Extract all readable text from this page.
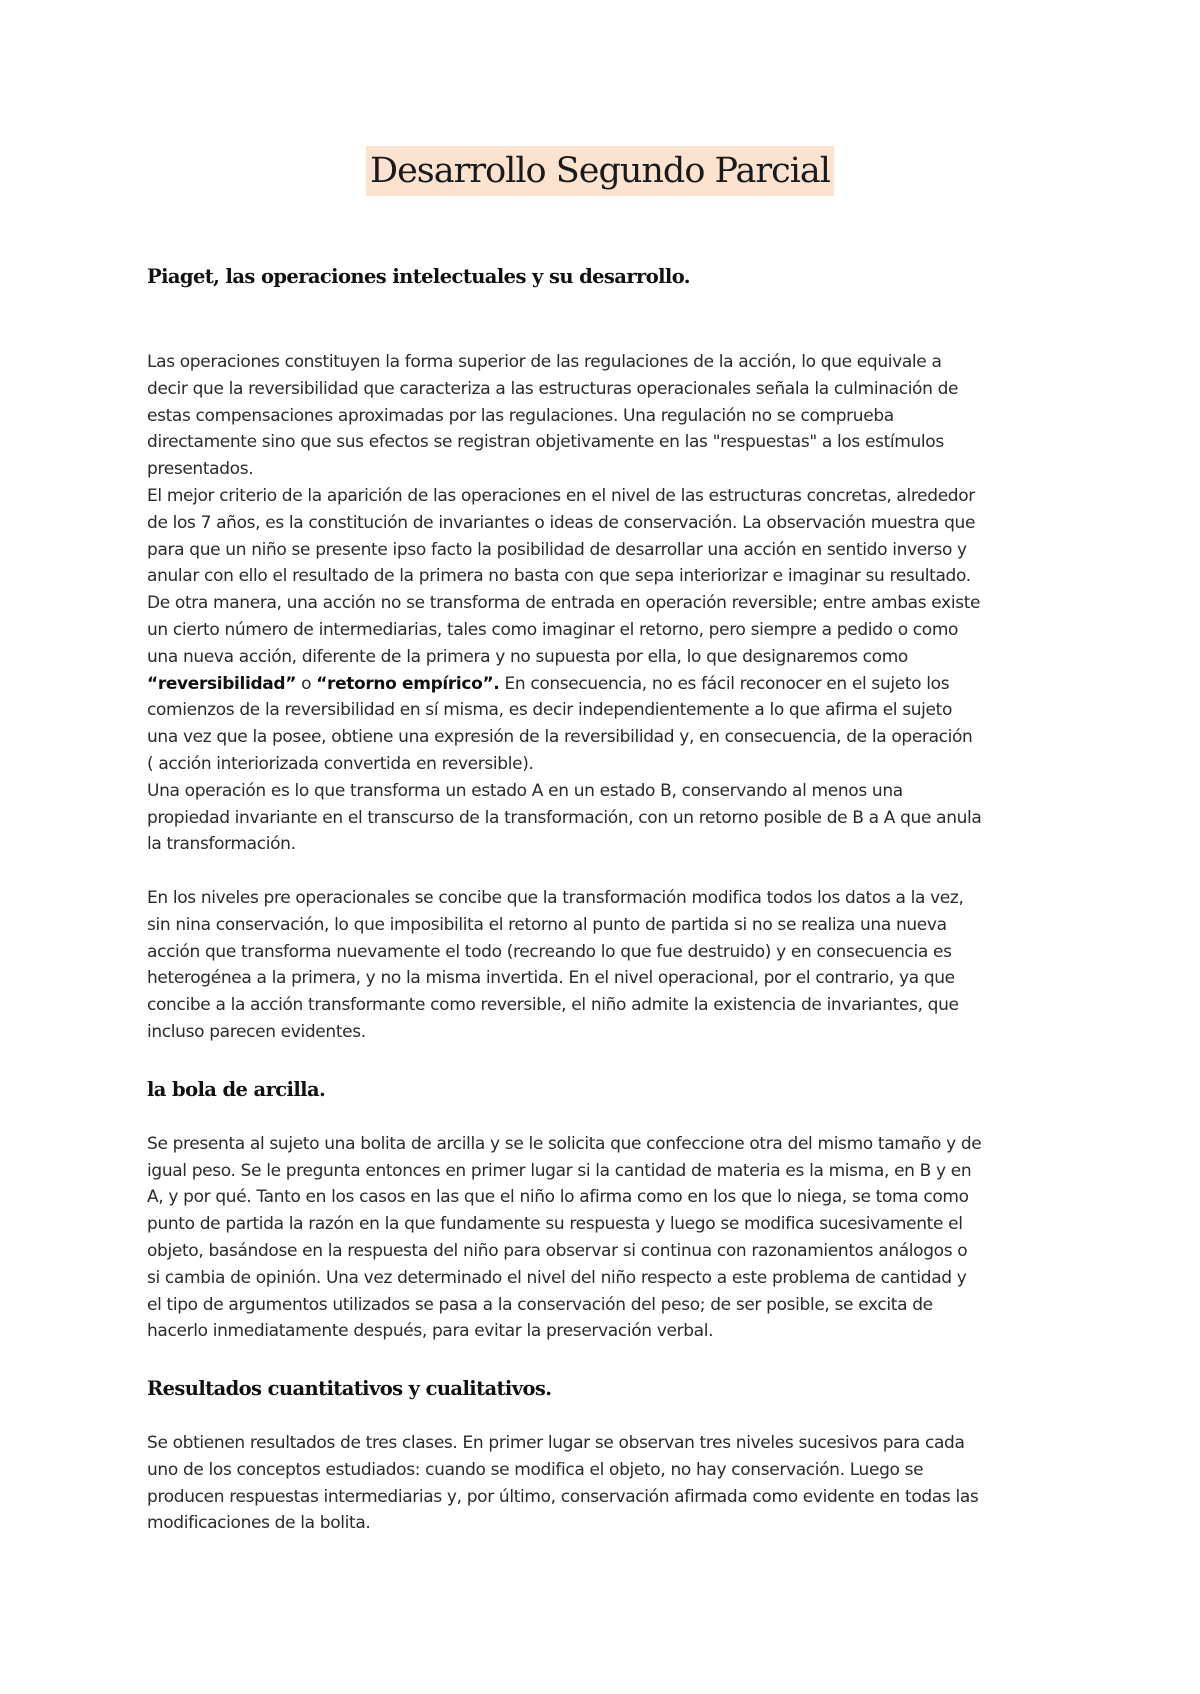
Desarrollo Segundo Parcial
Piaget, las operaciones intelectuales y su desarrollo.
Las operaciones constituyen la forma superior de las regulaciones de la acción, lo que equivale a
decir que la reversibilidad que caracteriza a las estructuras operacionales señala la culminación de
estas compensaciones aproximadas por las regulaciones. Una regulación no se comprueba
directamente sino que sus efectos se registran objetivamente en las "respuestas" a los estímulos
presentados.
El mejor criterio de la aparición de las operaciones en el nivel de las estructuras concretas, alrededor
de los 7 años, es la constitución de invariantes o ideas de conservación. La observación muestra que
para que un niño se presente ipso facto la posibilidad de desarrollar una acción en sentido inverso y
anular con ello el resultado de la primera no basta con que sepa interiorizar e imaginar su resultado.
De otra manera, una acción no se transforma de entrada en operación reversible; entre ambas existe
un cierto número de intermediarias, tales como imaginar el retorno, pero siempre a pedido o como
una nueva acción, diferente de la primera y no supuesta por ella, lo que designaremos como
“reversibilidad” o “retorno empírico”. En consecuencia, no es fácil reconocer en el sujeto los
comienzos de la reversibilidad en sí misma, es decir independientemente a lo que afirma el sujeto
una vez que la posee, obtiene una expresión de la reversibilidad y, en consecuencia, de la operación
( acción interiorizada convertida en reversible).
Una operación es lo que transforma un estado A en un estado B, conservando al menos una
propiedad invariante en el transcurso de la transformación, con un retorno posible de B a A que anula
la transformación.
En los niveles pre operacionales se concibe que la transformación modifica todos los datos a la vez,
sin nina conservación, lo que imposibilita el retorno al punto de partida si no se realiza una nueva
acción que transforma nuevamente el todo (recreando lo que fue destruido) y en consecuencia es
heterogénea a la primera, y no la misma invertida. En el nivel operacional, por el contrario, ya que
concibe a la acción transformante como reversible, el niño admite la existencia de invariantes, que
incluso parecen evidentes.
la bola de arcilla.
Se presenta al sujeto una bolita de arcilla y se le solicita que confeccione otra del mismo tamaño y de
igual peso. Se le pregunta entonces en primer lugar si la cantidad de materia es la misma, en B y en
A, y por qué. Tanto en los casos en las que el niño lo afirma como en los que lo niega, se toma como
punto de partida la razón en la que fundamente su respuesta y luego se modifica sucesivamente el
objeto, basándose en la respuesta del niño para observar si continua con razonamientos análogos o
si cambia de opinión. Una vez determinado el nivel del niño respecto a este problema de cantidad y
el tipo de argumentos utilizados se pasa a la conservación del peso; de ser posible, se excita de
hacerlo inmediatamente después, para evitar la preservación verbal.
Resultados cuantitativos y cualitativos.
Se obtienen resultados de tres clases. En primer lugar se observan tres niveles sucesivos para cada
uno de los conceptos estudiados: cuando se modifica el objeto, no hay conservación. Luego se
producen respuestas intermediarias y, por último, conservación afirmada como evidente en todas las
modificaciones de la bolita.
